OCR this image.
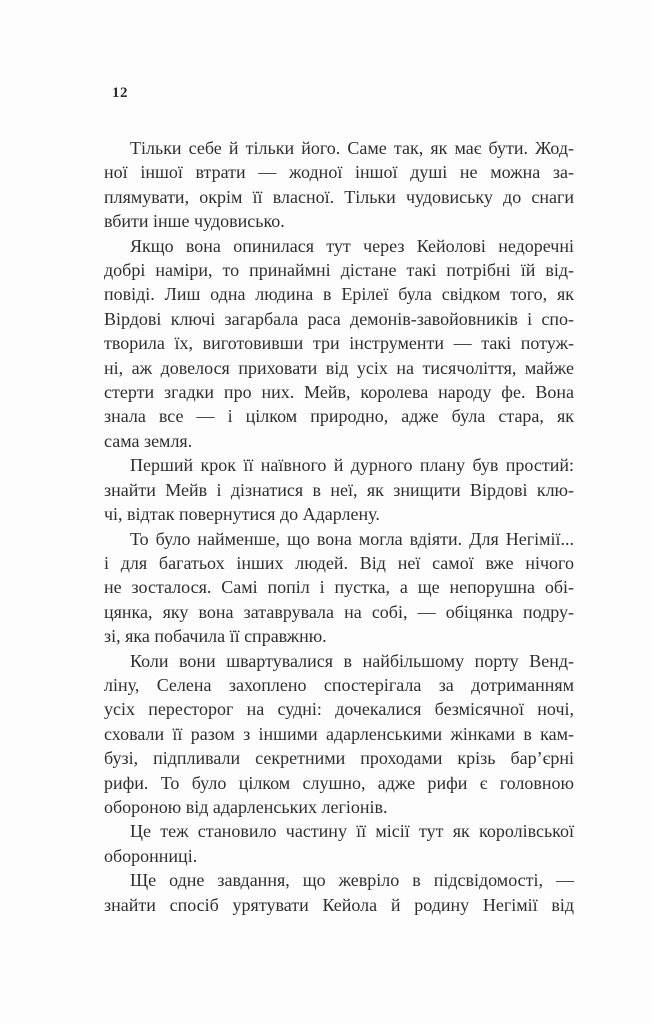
12

Тільки себе й тільки його. Саме так, як має бути. Жод-
ної іншої втрати — жодної іншої душі не можна за-
плямувати, окрім її власної. Тільки чудовиську до снаги
вбити інше чудовисько.

Якщо вона опинилася тут через Кейолові недоречні
добрі наміри, то принаймні дістане такі потрібні їй від-
повіді. Лиш одна людина в Ерілеї була свідком того, як
Вірдові ключі загарбала раса демонів-завойовників і спо-
творила їх, виготовивши три інструменти — такі потуж-
ні, аж довелося приховати від усіх на тисячоліття, майже
стерти згадки про них. Мейв, королева народу фе. Вона
знала все — і цілком природно, адже була стара, як
сама земля.

Перший крок її наївного й дурного плану був простий:
знайти Мейв і дізнатися в неї, як знищити Вірдові клю-
чі, відтак повернутися до Адарлену.

То було найменше, що вона могла вдіяти. Для Негімії...
і для багатьох інших людей. Від неї самої вже нічого
не зосталося. Самі попіл і пустка, а ще непорушна обі-
цянка, яку вона затаврувала на собі, — обіцянка подру-
зі, яка побачила її справжню.

Коли вони швартувалися в найбільшому порту Венд-
ліну, Селена захоплено спостерігала за дотриманням
усіх пересторог на судні: дочекалися безмісячної ночі,
сховали її разом з іншими адарленськими жінками в кам-
бузі, підпливали секретними проходами крізь бар’єрні
рифи. То було цілком слушно, адже рифи є головною
обороною від адарленських легіонів.

Це теж становило частину її місії тут як королівської
оборонниці.

Ще одне завдання, що жевріло в підсвідомості, —
знайти спосіб урятувати Кейола й родину Негімії від
